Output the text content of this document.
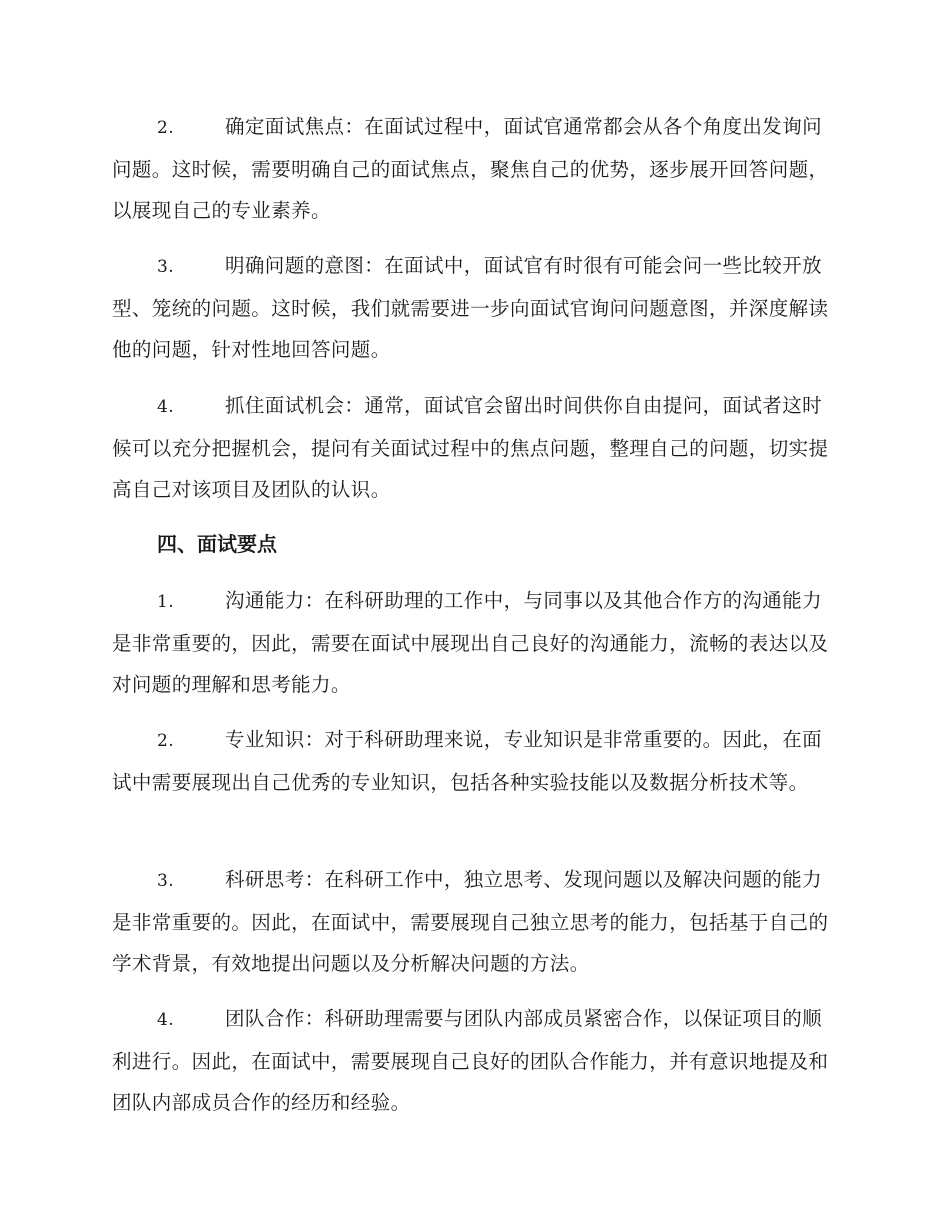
2.	确定面试焦点：在面试过程中，面试官通常都会从各个角度出发询问问题。这时候，需要明确自己的面试焦点，聚焦自己的优势，逐步展开回答问题，以展现自己的专业素养。

3.	明确问题的意图：在面试中，面试官有时很有可能会问一些比较开放型、笼统的问题。这时候，我们就需要进一步向面试官询问问题意图，并深度解读他的问题，针对性地回答问题。

4.	抓住面试机会：通常，面试官会留出时间供你自由提问，面试者这时候可以充分把握机会，提问有关面试过程中的焦点问题，整理自己的问题，切实提高自己对该项目及团队的认识。

四、面试要点

1.	沟通能力：在科研助理的工作中，与同事以及其他合作方的沟通能力是非常重要的，因此，需要在面试中展现出自己良好的沟通能力，流畅的表达以及对问题的理解和思考能力。

2.	专业知识：对于科研助理来说，专业知识是非常重要的。因此，在面试中需要展现出自己优秀的专业知识，包括各种实验技能以及数据分析技术等。

3.	科研思考：在科研工作中，独立思考、发现问题以及解决问题的能力是非常重要的。因此，在面试中，需要展现自己独立思考的能力，包括基于自己的学术背景，有效地提出问题以及分析解决问题的方法。

4.	团队合作：科研助理需要与团队内部成员紧密合作，以保证项目的顺利进行。因此，在面试中，需要展现自己良好的团队合作能力，并有意识地提及和团队内部成员合作的经历和经验。
